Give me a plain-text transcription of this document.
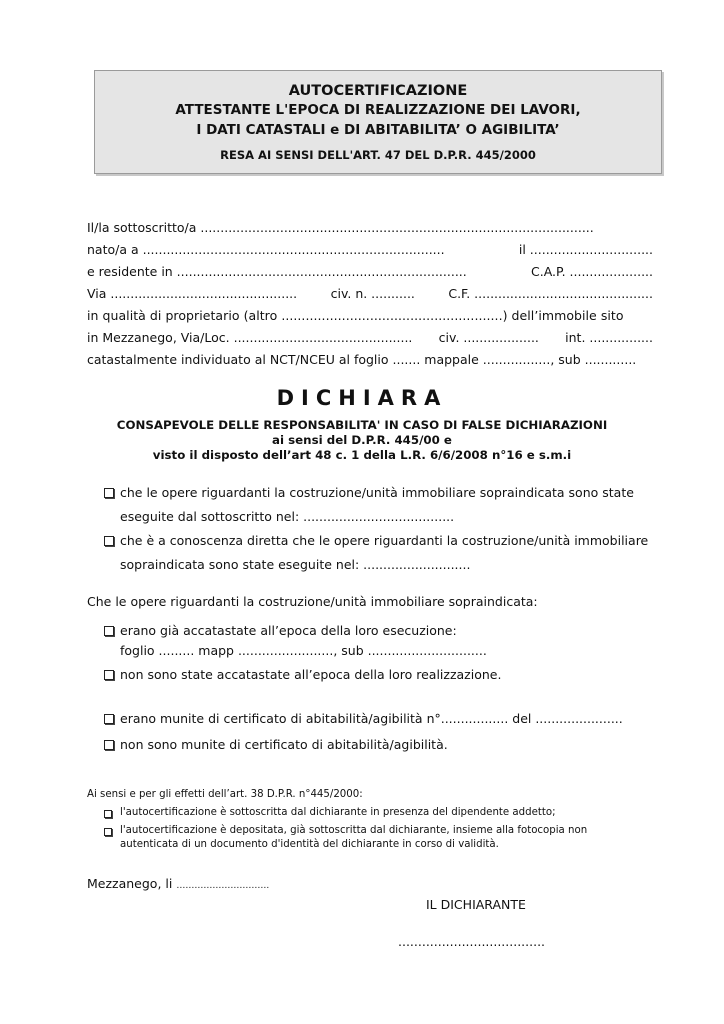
AUTOCERTIFICAZIONE
ATTESTANTE L'EPOCA DI REALIZZAZIONE DEI LAVORI,
I DATI CATASTALI e DI ABITABILITA’ O AGIBILITA’
RESA AI SENSI DELL'ART. 47 DEL D.P.R. 445/2000
Il/la sottoscritto/a ...................................................................................................
nato/a a ............................................................................	il ...............................
e residente in .........................................................................	C.A.P. .....................
Via ...............................................	civ. n. ...........	C.F. .............................................
in qualità di proprietario (altro .......................................................) dell’immobile sito
in Mezzanego, Via/Loc. ............................................. civ. ................... int. ................
catastalmente individuato al NCT/NCEU al foglio ....... mappale ................., sub .............
DICHIARA
CONSAPEVOLE DELLE RESPONSABILITA' IN CASO DI FALSE DICHIARAZIONI
ai sensi del D.P.R. 445/00 e
visto il disposto dell’art 48 c. 1 della L.R. 6/6/2008 n°16 e s.m.i
che le opere riguardanti la costruzione/unità immobiliare sopraindicata sono state
eseguite dal sottoscritto nel: ......................................
che è a conoscenza diretta che le opere riguardanti la costruzione/unità immobiliare
sopraindicata sono state eseguite nel: ...........................
Che le opere riguardanti la costruzione/unità immobiliare sopraindicata:
erano già accatastate all’epoca della loro esecuzione:
foglio ......... mapp ........................, sub ..............................
non sono state accatastate all’epoca della loro realizzazione.
erano munite di certificato di abitabilità/agibilità n°................. del ......................
non sono munite di certificato di abitabilità/agibilità.
Ai sensi e per gli effetti dell’art. 38 D.P.R. n°445/2000:
l'autocertificazione è sottoscritta dal dichiarante in presenza del dipendente addetto;
l'autocertificazione è depositata, già sottoscritta dal dichiarante, insieme alla fotocopia non
autenticata di un documento d'identità del dichiarante in corso di validità.
Mezzanego, li ………………………….
IL DICHIARANTE
.....................................
